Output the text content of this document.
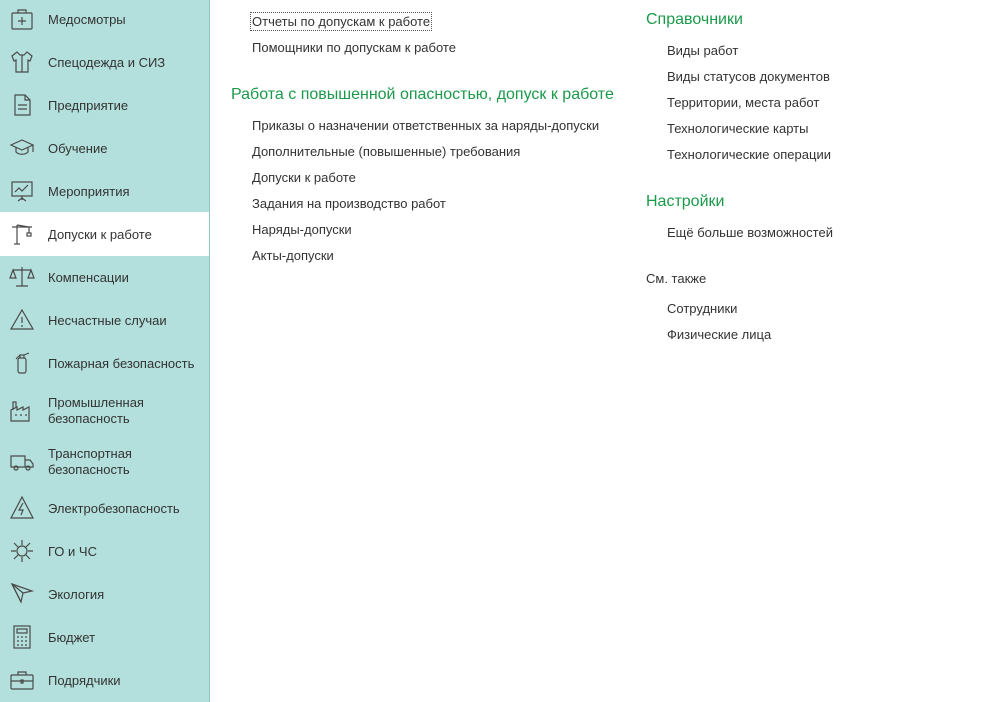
Медосмотры
Спецодежда и СИЗ
Предприятие
Обучение
Мероприятия
Допуски к работе
Компенсации
Несчастные случаи
Пожарная безопасность
Промышленная безопасность
Транспортная безопасность
Электробезопасность
ГО и ЧС
Экология
Бюджет
Подрядчики
Отчеты по допускам к работе
Помощники по допускам к работе
Работа с повышенной опасностью, допуск к работе
Приказы о назначении ответственных за наряды-допуски
Дополнительные (повышенные) требования
Допуски к работе
Задания на производство работ
Наряды-допуски
Акты-допуски
Справочники
Виды работ
Виды статусов документов
Территории, места работ
Технологические карты
Технологические операции
Настройки
Ещё больше возможностей
См. также
Сотрудники
Физические лица
